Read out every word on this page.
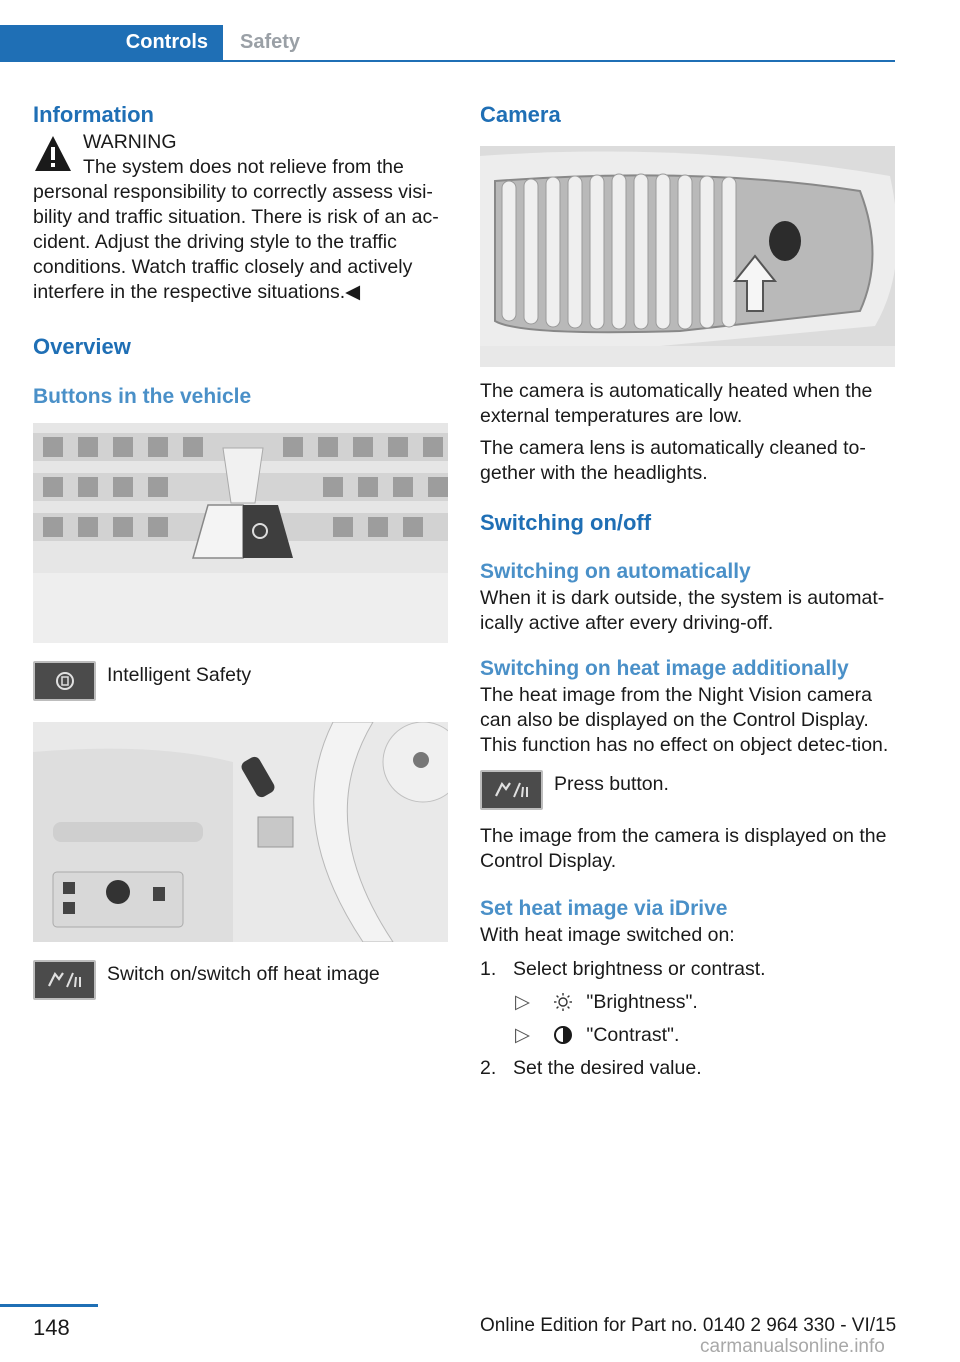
Controls	Safety
Information

WARNING

The system does not relieve from the

personal responsibility to correctly assess visi-

bility and traffic situation. There is risk of an ac-

cident. Adjust the driving style to the traffic

conditions. Watch traffic closely and actively

interfere in the respective situations.◀

Overview
Buttons in the vehicle
Intelligent Safety
Switch on/switch off heat image
Camera

The camera is automatically heated when the external temperatures are low.

The camera lens is automatically cleaned to-gether with the headlights.

Switching on/off
Switching on automatically

When it is dark outside, the system is automat-ically active after every driving-off.

Switching on heat image additionally

The heat image from the Night Vision camera can also be displayed on the Control Display. This function has no effect on object detec-tion.

Press button.

The image from the camera is displayed on the Control Display.

Set heat image via iDrive

With heat image switched on:

1. Select brightness or contrast.
▷	"Brightness".
▷	"Contrast".
2. Set the desired value.
148	Online Edition for Part no. 0140 2 964 330 - VI/15
carmanualsonline.info
